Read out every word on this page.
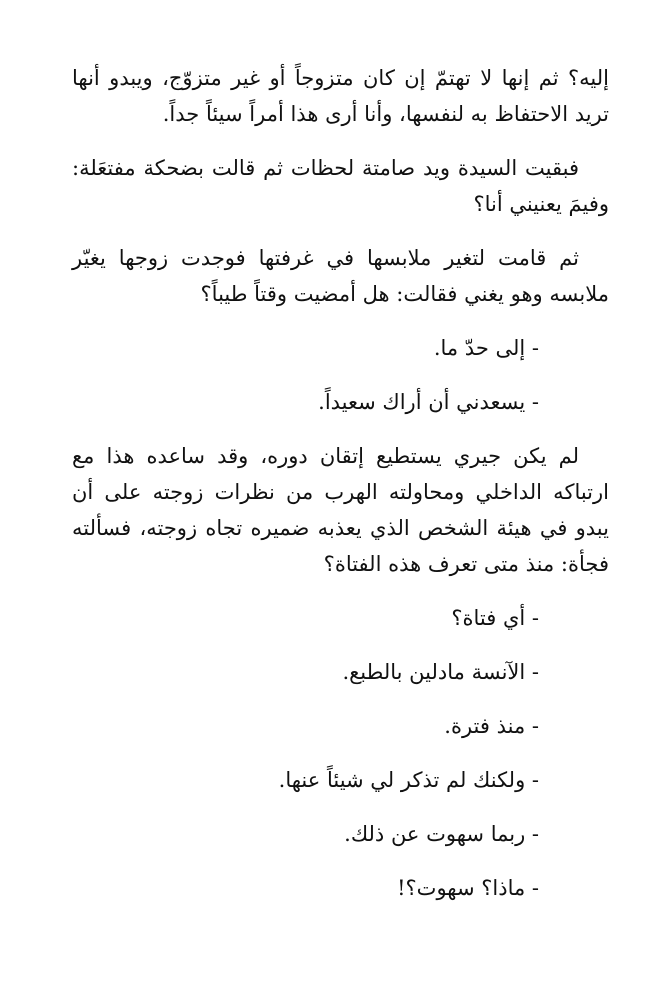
إليه؟ ثم إنها لا تهتمّ إن كان متزوجاً أو غير متزوّج، ويبدو أنها تريد الاحتفاظ به لنفسها، وأنا أرى هذا أمراً سيئاً جداً.

فبقيت السيدة ويد صامتة لحظات ثم قالت بضحكة مفتعَلة: وفيمَ يعنيني أنا؟

ثم قامت لتغير ملابسها في غرفتها فوجدت زوجها يغيّر ملابسه وهو يغني فقالت: هل أمضيت وقتاً طيباً؟

- إلى حدّ ما.

- يسعدني أن أراك سعيداً.

لم يكن جيري يستطيع إتقان دوره، وقد ساعده هذا مع ارتباكه الداخلي ومحاولته الهرب من نظرات زوجته على أن يبدو في هيئة الشخص الذي يعذبه ضميره تجاه زوجته، فسألته فجأة: منذ متى تعرف هذه الفتاة؟

- أي فتاة؟

- الآنسة مادلين بالطبع.

- منذ فترة.

- ولكنك لم تذكر لي شيئاً عنها.

- ربما سهوت عن ذلك.

- ماذا؟ سهوت؟!
